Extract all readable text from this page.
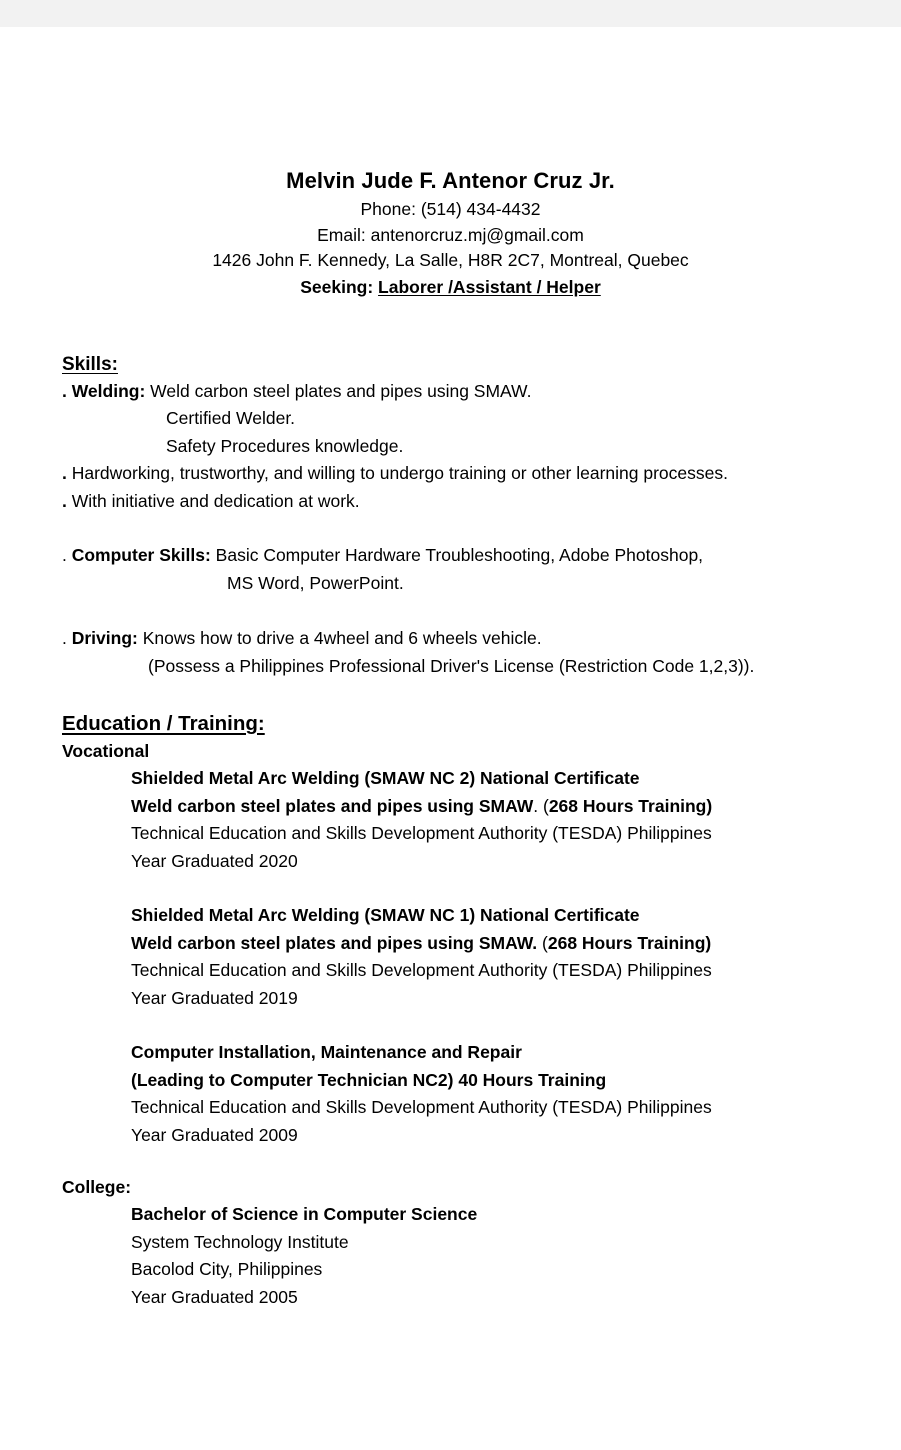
Melvin Jude F. Antenor Cruz Jr.
Phone: (514) 434-4432
Email: antenorcruz.mj@gmail.com
1426 John F. Kennedy, La Salle, H8R 2C7, Montreal, Quebec
Seeking: Laborer /Assistant / Helper
Skills:
. Welding: Weld carbon steel plates and pipes using SMAW.
Certified Welder.
Safety Procedures knowledge.
. Hardworking, trustworthy, and willing to undergo training or other learning processes.
. With initiative and dedication at work.
. Computer Skills: Basic Computer Hardware Troubleshooting, Adobe Photoshop,
MS Word, PowerPoint.
. Driving: Knows how to drive a 4wheel and 6 wheels vehicle.
(Possess a Philippines Professional Driver's License (Restriction Code 1,2,3)).
Education / Training:
Vocational
Shielded Metal Arc Welding (SMAW NC 2) National Certificate
Weld carbon steel plates and pipes using SMAW. (268 Hours Training)
Technical Education and Skills Development Authority (TESDA) Philippines
Year Graduated 2020
Shielded Metal Arc Welding (SMAW NC 1) National Certificate
Weld carbon steel plates and pipes using SMAW. (268 Hours Training)
Technical Education and Skills Development Authority (TESDA) Philippines
Year Graduated 2019
Computer Installation, Maintenance and Repair
(Leading to Computer Technician NC2) 40 Hours Training
Technical Education and Skills Development Authority (TESDA) Philippines
Year Graduated 2009
College:
Bachelor of Science in Computer Science
System Technology Institute
Bacolod City, Philippines
Year Graduated 2005
